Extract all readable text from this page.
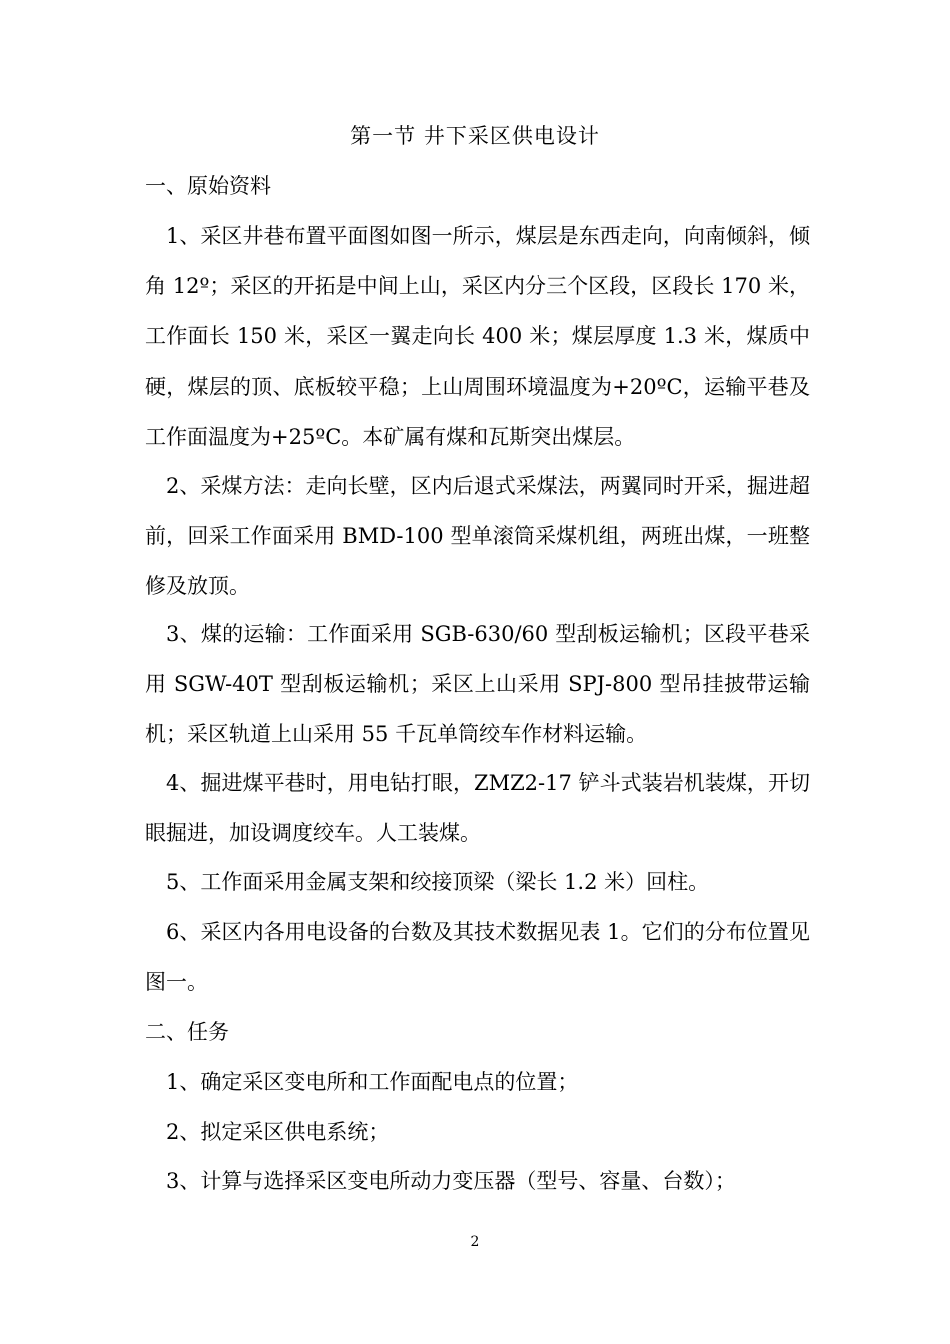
第一节 井下采区供电设计
一、原始资料
1、采区井巷布置平面图如图一所示，煤层是东西走向，向南倾斜，倾角 12º；采区的开拓是中间上山，采区内分三个区段，区段长 170 米，工作面长 150 米，采区一翼走向长 400 米；煤层厚度 1.3 米，煤质中硬，煤层的顶、底板较平稳；上山周围环境温度为+20ºC，运输平巷及工作面温度为+25ºC。本矿属有煤和瓦斯突出煤层。
2、采煤方法：走向长壁，区内后退式采煤法，两翼同时开采，掘进超前，回采工作面采用 BMD-100 型单滚筒采煤机组，两班出煤，一班整修及放顶。
3、煤的运输：工作面采用 SGB-630/60 型刮板运输机；区段平巷采用 SGW-40T 型刮板运输机；采区上山采用 SPJ-800 型吊挂披带运输机；采区轨道上山采用 55 千瓦单筒绞车作材料运输。
4、掘进煤平巷时，用电钻打眼，ZMZ2-17 铲斗式装岩机装煤，开切眼掘进，加设调度绞车。人工装煤。
5、工作面采用金属支架和绞接顶梁（梁长 1.2 米）回柱。
6、采区内各用电设备的台数及其技术数据见表 1。它们的分布位置见图一。
二、任务
1、确定采区变电所和工作面配电点的位置；
2、拟定采区供电系统；
3、计算与选择采区变电所动力变压器（型号、容量、台数）；
2
